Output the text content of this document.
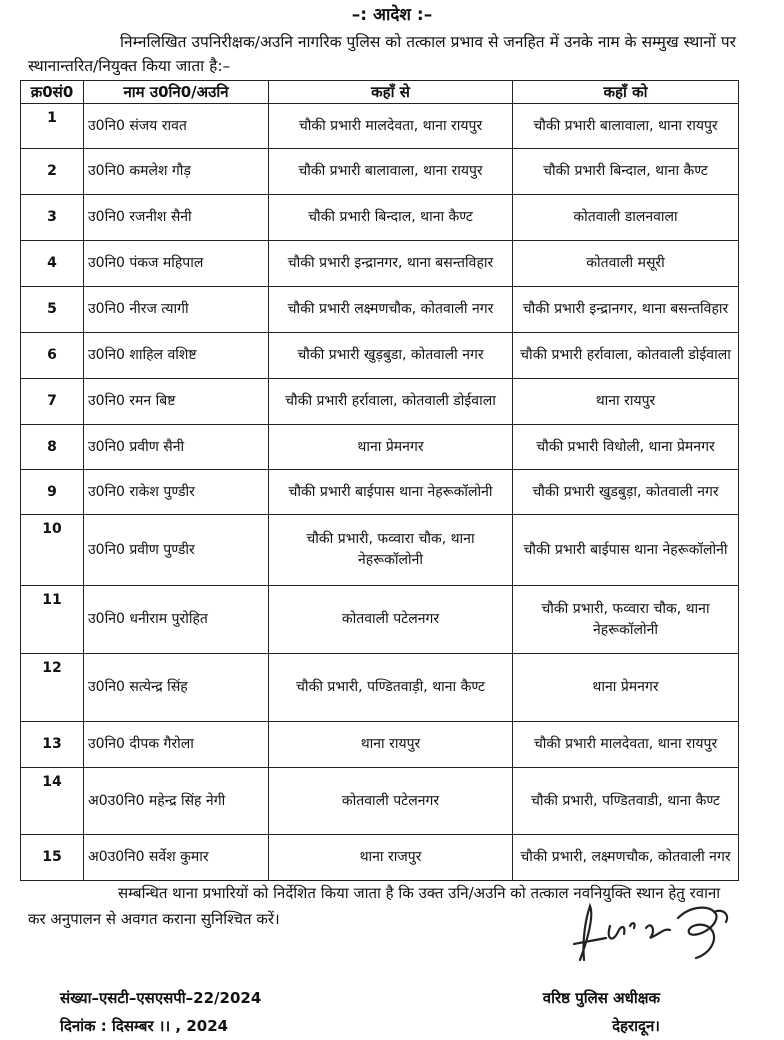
–: आदेश :–
निम्नलिखित उपनिरीक्षक/अउनि नागरिक पुलिस को तत्काल प्रभाव से जनहित में उनके नाम के सम्मुख स्थानों पर स्थानान्तरित/नियुक्त किया जाता है:–
क्र0सं0	नाम उ0नि0/अउनि	कहाँ से	कहाँ को
1	उ0नि0 संजय रावत	चौकी प्रभारी मालदेवता, थाना रायपुर	चौकी प्रभारी बालावाला, थाना रायपुर
2	उ0नि0 कमलेश गौड़	चौकी प्रभारी बालावाला, थाना रायपुर	चौकी प्रभारी बिन्दाल, थाना कैण्ट
3	उ0नि0 रजनीश सैनी	चौकी प्रभारी बिन्दाल, थाना कैण्ट	कोतवाली डालनवाला
4	उ0नि0 पंकज महिपाल	चौकी प्रभारी इन्द्रानगर, थाना बसन्तविहार	कोतवाली मसूरी
5	उ0नि0 नीरज त्यागी	चौकी प्रभारी लक्ष्मणचौक, कोतवाली नगर	चौकी प्रभारी इन्द्रानगर, थाना बसन्तविहार
6	उ0नि0 शाहिल वशिष्ट	चौकी प्रभारी खुड़बुडा, कोतवाली नगर	चौकी प्रभारी हर्रावाला, कोतवाली डोईवाला
7	उ0नि0 रमन बिष्ट	चौकी प्रभारी हर्रावाला, कोतवाली डोईवाला	थाना रायपुर
8	उ0नि0 प्रवीण सैनी	थाना प्रेमनगर	चौकी प्रभारी विधोली, थाना प्रेमनगर
9	उ0नि0 राकेश पुण्डीर	चौकी प्रभारी बाईपास थाना नेहरूकॉलोनी	चौकी प्रभारी खुडबुड़ा, कोतवाली नगर
10	उ0नि0 प्रवीण पुण्डीर	चौकी प्रभारी, फव्वारा चौक, थाना नेहरूकॉलोनी	चौकी प्रभारी बाईपास थाना नेहरूकॉलोनी
11	उ0नि0 धनीराम पुरोहित	कोतवाली पटेलनगर	चौकी प्रभारी, फव्वारा चौक, थाना नेहरूकॉलोनी
12	उ0नि0 सत्येन्द्र सिंह	चौकी प्रभारी, पण्डितवाड़ी, थाना कैण्ट	थाना प्रेमनगर
13	उ0नि0 दीपक गैरोला	थाना रायपुर	चौकी प्रभारी मालदेवता, थाना रायपुर
14	अ0उ0नि0 महेन्द्र सिंह नेगी	कोतवाली पटेलनगर	चौकी प्रभारी, पण्डितवाडी, थाना कैण्ट
15	अ0उ0नि0 सर्वेश कुमार	थाना राजपुर	चौकी प्रभारी, लक्ष्मणचौक, कोतवाली नगर
सम्बन्धित थाना प्रभारियों को निर्देशित किया जाता है कि उक्त उनि/अउनि को तत्काल नवनियुक्ति स्थान हेतु रवाना कर अनुपालन से अवगत कराना सुनिश्चित करें।
संख्या–एसटी–एसएसपी–22/2024
दिनांक : दिसम्बर ।। , 2024
वरिष्ठ पुलिस अधीक्षक
देहरादून।
